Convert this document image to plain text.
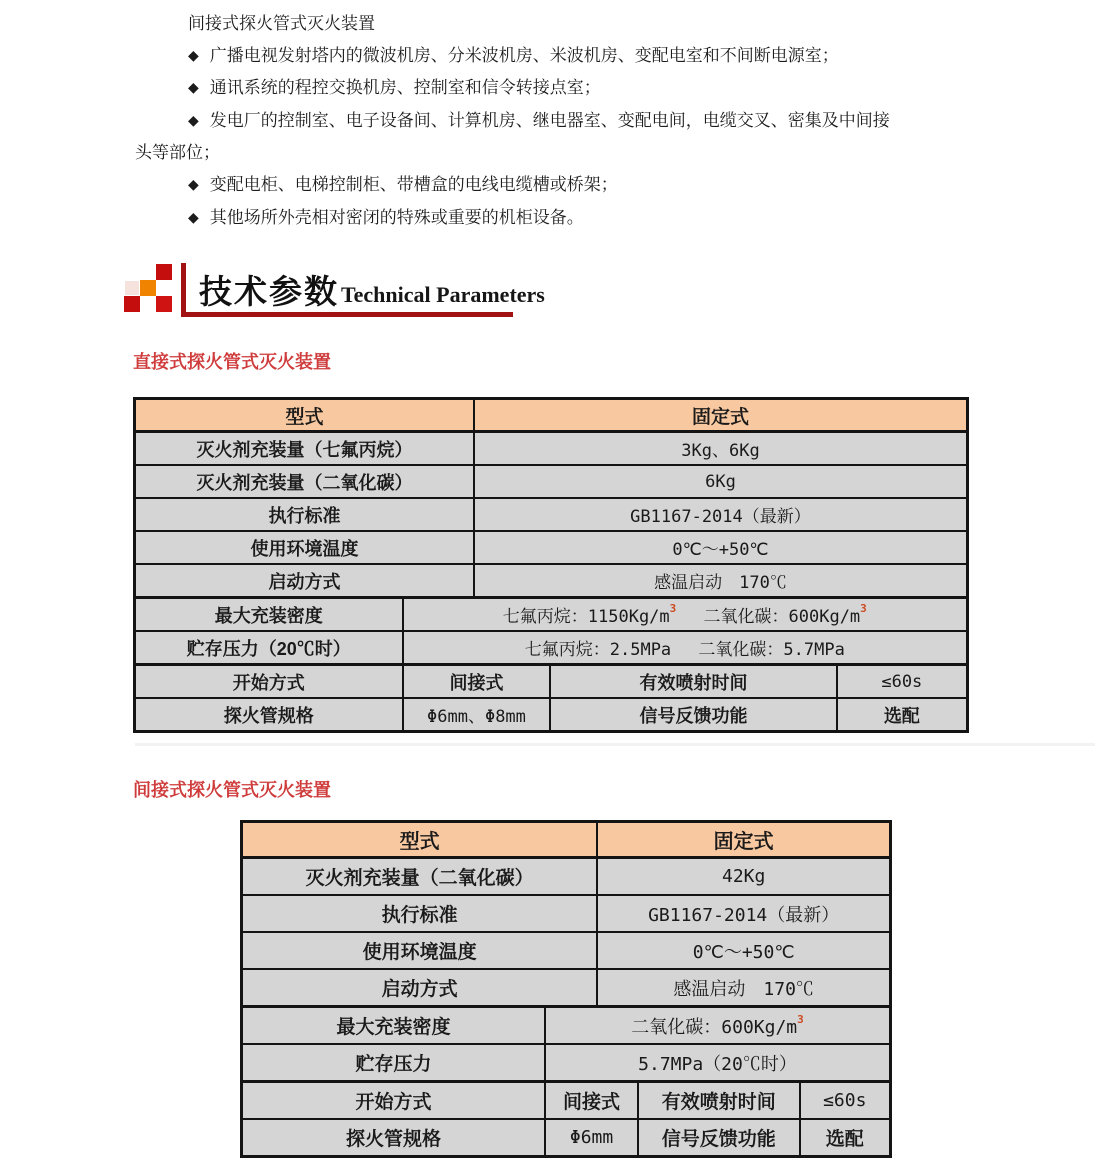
间接式探火管式灭火装置

◆ 广播电视发射塔内的微波机房、分米波机房、米波机房、变配电室和不间断电源室；

◆ 通讯系统的程控交换机房、控制室和信令转接点室；

◆ 发电厂的控制室、电子设备间、计算机房、继电器室、变配电间，电缆交叉、密集及中间接

头等部位；

◆ 变配电柜、电梯控制柜、带槽盒的电线电缆槽或桥架；

◆ 其他场所外壳相对密闭的特殊或重要的机柜设备。

技术参数 Technical Parameters
直接式探火管式灭火装置
型式	固定式
灭火剂充装量（七氟丙烷）	3Kg、6Kg
灭火剂充装量（二氧化碳）	6Kg
执行标准	GB1167-2014（最新）
使用环境温度	0℃～+50℃
启动方式	感温启动　170℃
最大充装密度	七氟丙烷：$1150Kg/m^3$ 　 二氧化碳：$600Kg/m^3$
贮存压力（20℃时）	七氟丙烷：2.5MPa　 二氧化碳：5.7MPa
开始方式	间接式	有效喷射时间	≤60s
探火管规格	Φ6mm、Φ8mm	信号反馈功能	选配
间接式探火管式灭火装置
型式	固定式
灭火剂充装量（二氧化碳）	42Kg
执行标准	GB1167-2014（最新）
使用环境温度	0℃～+50℃
启动方式	感温启动　170℃
最大充装密度	二氧化碳：$600Kg/m^3$
贮存压力	5.7MPa（20℃时）
开始方式	间接式	有效喷射时间	≤60s
探火管规格	Φ6mm	信号反馈功能	选配
